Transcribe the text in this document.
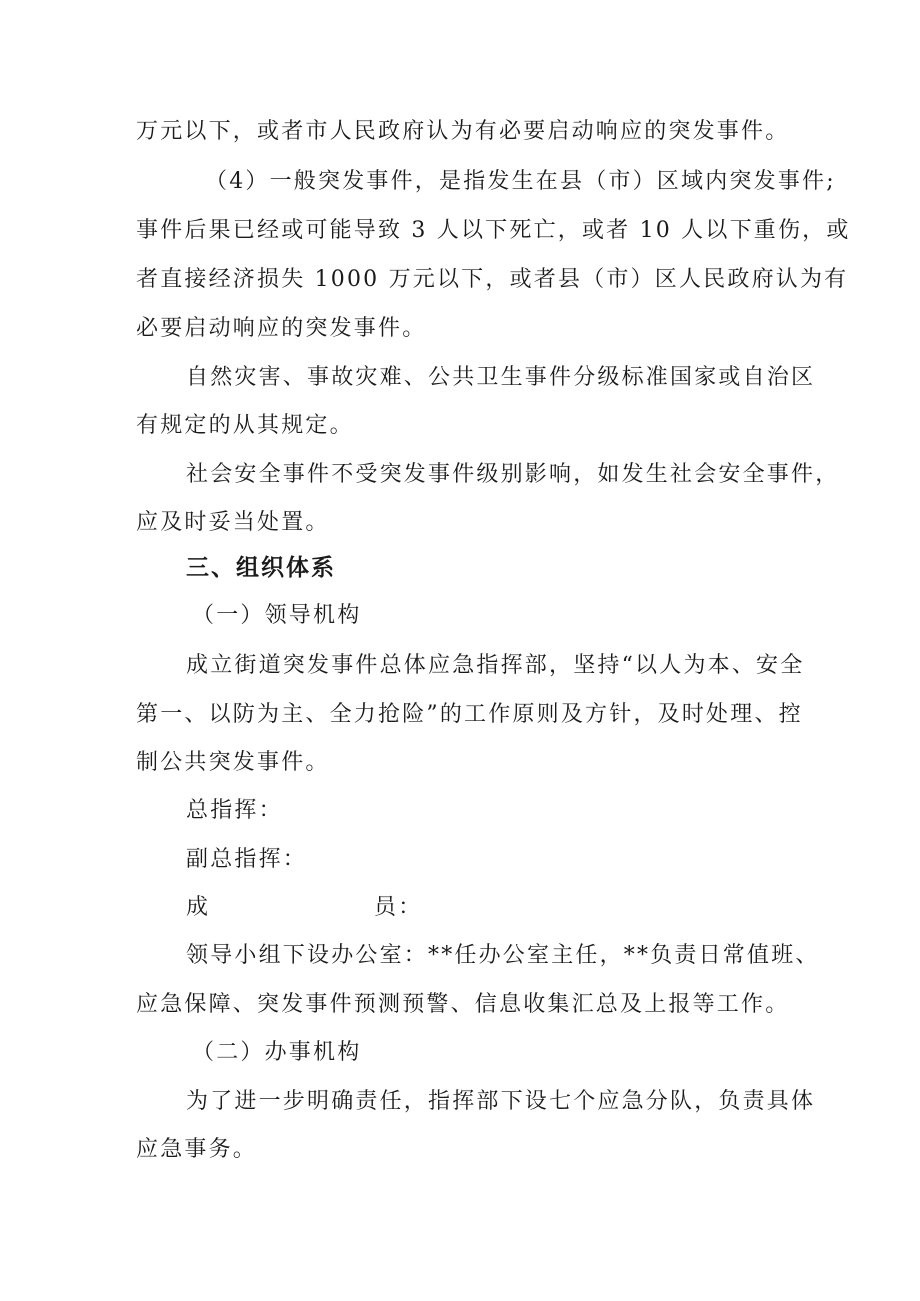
万元以下，或者市人民政府认为有必要启动响应的突发事件。
（4）一般突发事件，是指发生在县（市）区域内突发事件;
事件后果已经或可能导致 3 人以下死亡，或者 10 人以下重伤，或
者直接经济损失 1000 万元以下，或者县（市）区人民政府认为有
必要启动响应的突发事件。
自然灾害、事故灾难、公共卫生事件分级标准国家或自治区
有规定的从其规定。
社会安全事件不受突发事件级别影响，如发生社会安全事件，
应及时妥当处置。
三、组织体系
（一）领导机构
成立街道突发事件总体应急指挥部，坚持“以人为本、安全
第一、以防为主、全力抢险”的工作原则及方针，及时处理、控
制公共突发事件。
总指挥：
副总指挥：
成	员：
领导小组下设办公室：**任办公室主任，**负责日常值班、
应急保障、突发事件预测预警、信息收集汇总及上报等工作。
（二）办事机构
为了进一步明确责任，指挥部下设七个应急分队，负责具体
应急事务。
